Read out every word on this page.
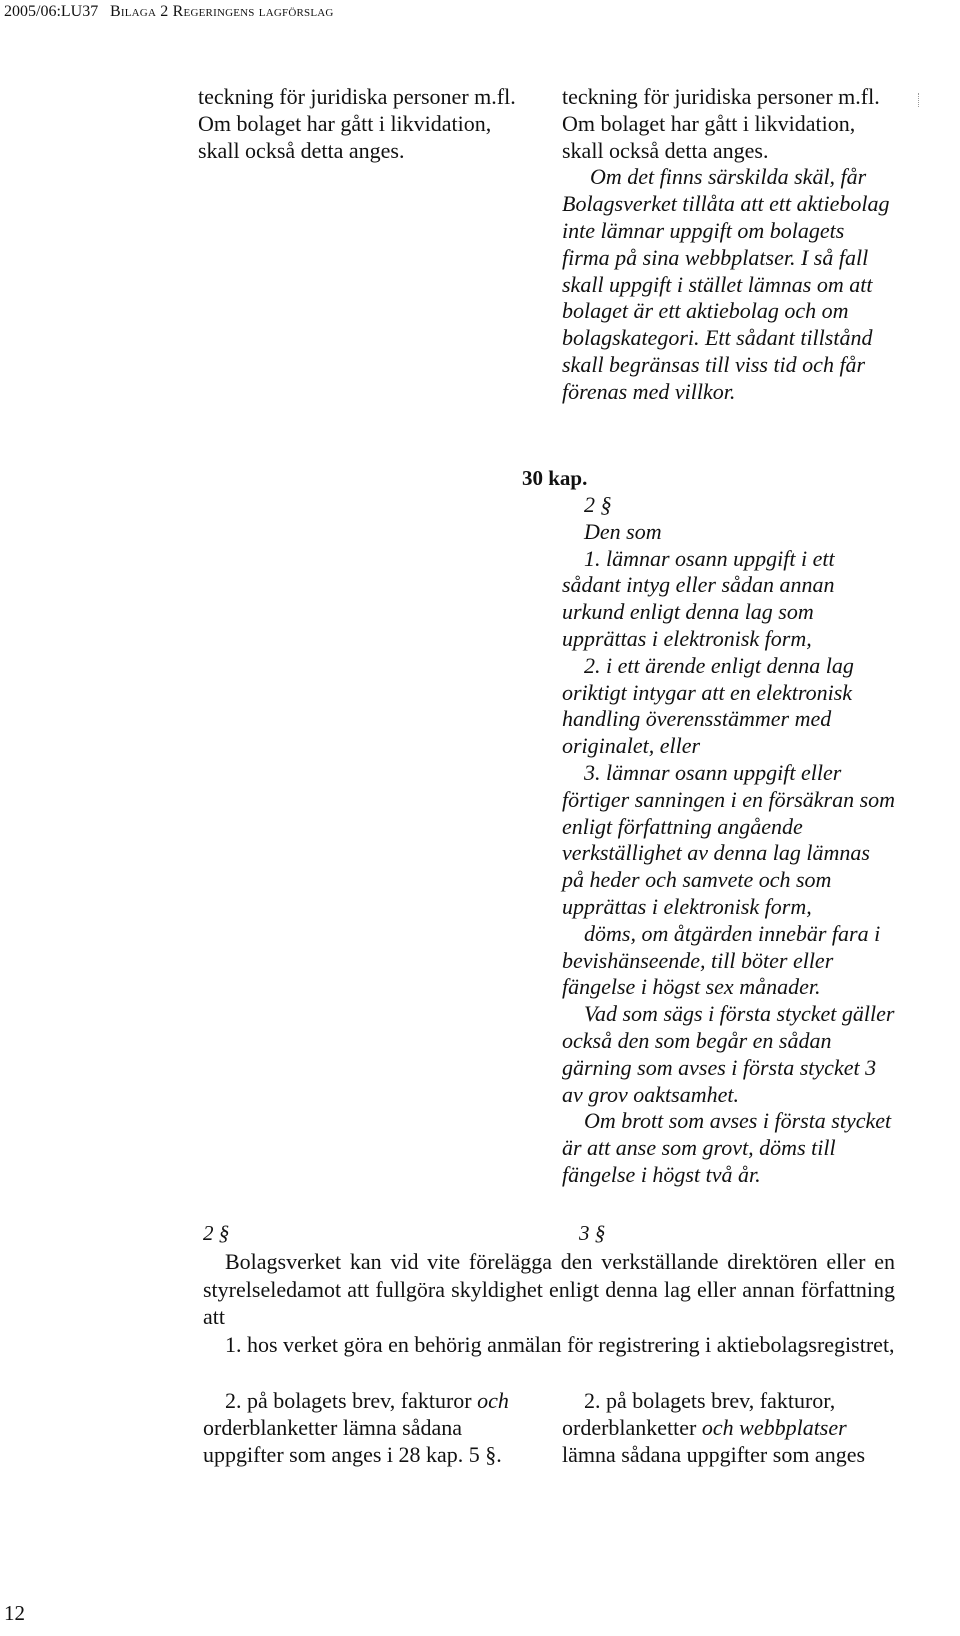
2005/06:LU37 Bilaga 2 Regeringens lagförslag

teckning för juridiska personer m.fl. Om bolaget har gått i likvidation, skall också detta anges.

teckning för juridiska personer m.fl. Om bolaget har gått i likvidation, skall också detta anges.

Om det finns särskilda skäl, får Bolagsverket tillåta att ett aktiebolag inte lämnar uppgift om bolagets firma på sina webbplatser. I så fall skall uppgift i stället lämnas om att bolaget är ett aktiebolag och om bolagskategori. Ett sådant tillstånd skall begränsas till viss tid och får förenas med villkor.

30 kap.

2 §

Den som

1. lämnar osann uppgift i ett sådant intyg eller sådan annan urkund enligt denna lag som upprättas i elektronisk form,

2. i ett ärende enligt denna lag oriktigt intygar att en elektronisk handling överensstämmer med originalet, eller

3. lämnar osann uppgift eller förtiger sanningen i en försäkran som enligt författning angående verkställighet av denna lag lämnas på heder och samvete och som upprättas i elektronisk form,

döms, om åtgärden innebär fara i bevishänseende, till böter eller fängelse i högst sex månader.

Vad som sägs i första stycket gäller också den som begår en sådan gärning som avses i första stycket 3 av grov oaktsamhet.

Om brott som avses i första stycket är att anse som grovt, döms till fängelse i högst två år.

2 §	3 §

Bolagsverket kan vid vite förelägga den verkställande direktören eller en styrelseledamot att fullgöra skyldighet enligt denna lag eller annan författning att

1. hos verket göra en behörig anmälan för registrering i aktiebolagsregistret,

2. på bolagets brev, fakturor och orderblanketter lämna sådana uppgifter som anges i 28 kap. 5 §.

2. på bolagets brev, fakturor, orderblanketter och webbplatser lämna sådana uppgifter som anges

12
